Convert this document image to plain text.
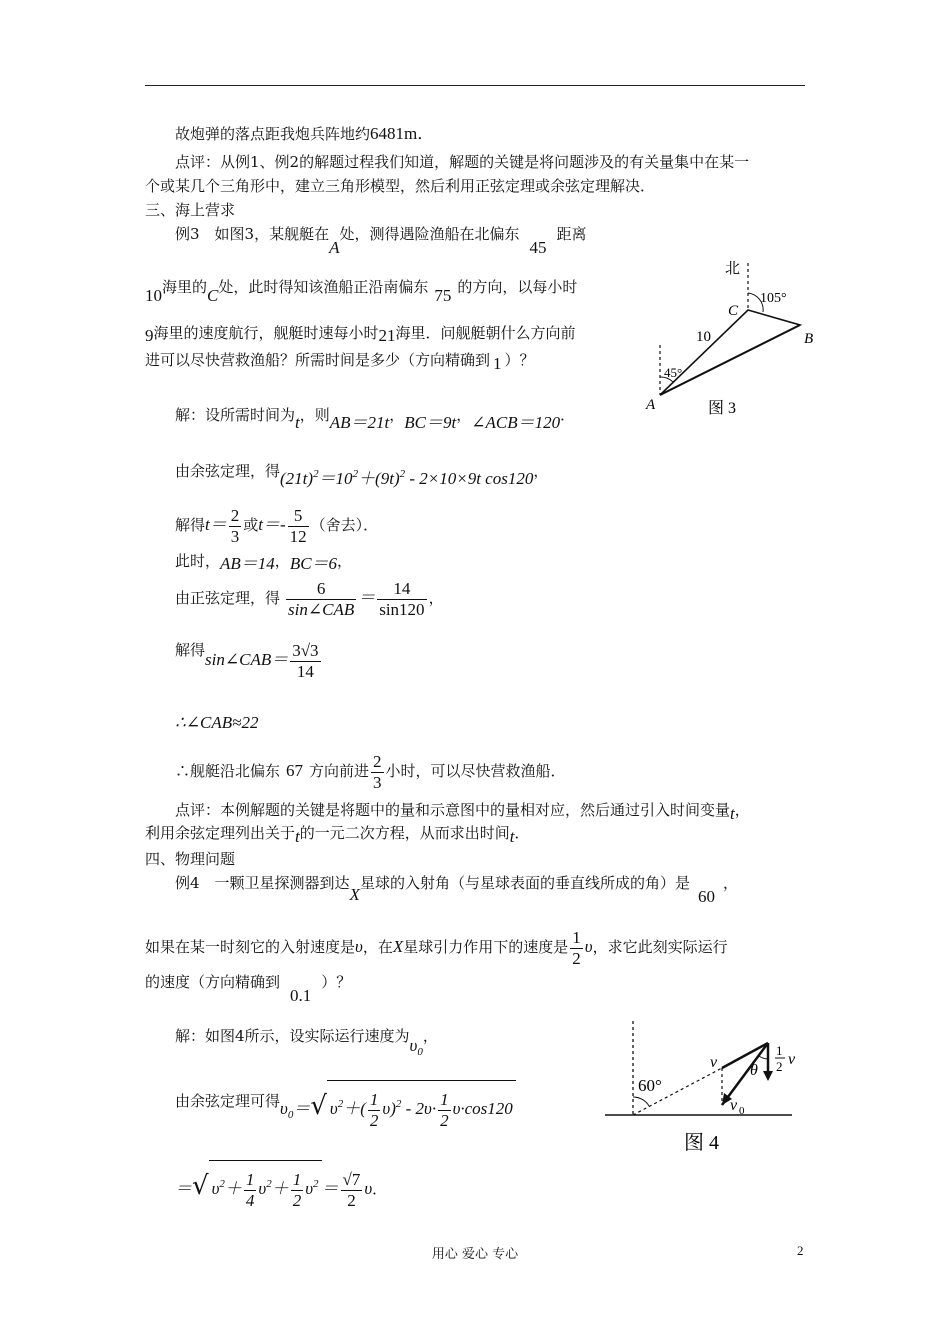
故炮弹的落点距我炮兵阵地约6481m．
点评：从例1、例2的解题过程我们知道，解题的关键是将问题涉及的有关量集中在某一
个或某几个三角形中，建立三角形模型，然后利用正弦定理或余弦定理解决．
三、海上营求
例3　如图3，某舰艇在A处，测得遇险渔船在北偏东45距离
10海里的C处，此时得知该渔船正沿南偏东 75 的方向，以每小时
9海里的速度航行，舰艇时速每小时21海里．问舰艇朝什么方向前
进可以尽快营救渔船？所需时间是多少（方向精确到 1 ）？
解：设所需时间为t，则AB＝21t，BC＝9t，∠ACB＝120．
由余弦定理，得$(21t)^2=10^2+(9t)^2 - 2\times 10\times 9t$ cos120，
解得$t= \frac{2}{3}$ 或$t=- \frac{5}{12}$ （舍去）．
此时，AB＝14，BC＝6，
由正弦定理，得 $\frac{6}{\text{sin∠CAB}} = \frac{14}{\sin 120}$ ，
解得sin∠CAB＝ $\frac{3√3}{14}$
∴∠CAB≈22
∴舰艇沿北偏东 67 方向前进 $\frac{2}{3}$ 小时，可以尽快营救渔船．
点评：本例解题的关键是将题中的量和示意图中的量相对应，然后通过引入时间变量t，
利用余弦定理列出关于t的一元二次方程，从而求出时间t．
四、物理问题
例4　一颗卫星探测器到达X星球的入射角（与星球表面的垂直线所成的角）是60，
如果在某一时刻它的入射速度是υ，在X星球引力作用下的速度是 $\frac{1}{2}$ υ，求它此刻实际运行
的速度（方向精确到0.1）？
解：如图4所示，设实际运行速度为$\upsilon_0$，
由余弦定理可得$\upsilon_0=√$ $\upsilon^2+( \frac{1}{2} \upsilon)^2 - 2\upsilon\cdot \frac{1}{2} \upsilon\cdot\cos 120$
＝√ $\upsilon^2+ \frac{1}{4} \upsilon^2+ \frac{1}{2} \upsilon^2 = \frac{√7}{2}$ υ．
北
C
B
A
10
105°
45°
图 3
v
1
2 v
θ
v 0
60°
图 4
用心 爱心 专心	2
